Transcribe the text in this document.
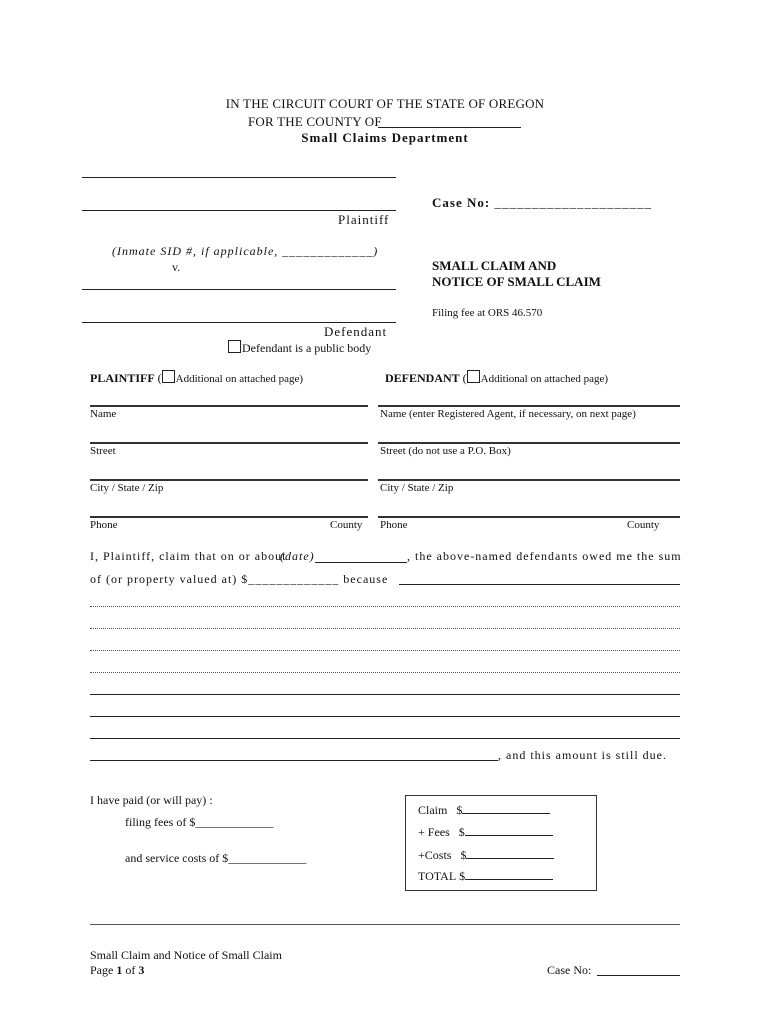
IN THE CIRCUIT COURT OF THE STATE OF OREGON
FOR THE COUNTY OF
Small Claims Department
Plaintiff
(Inmate SID #, if applicable, _____________)
v.
Defendant
Defendant is a public body
Case No: _____________________
SMALL CLAIM AND
NOTICE OF SMALL CLAIM
Filing fee at ORS 46.570
PLAINTIFF ( Additional on attached page)	DEFENDANT ( Additional on attached page)
Name
Street
City / State / Zip
Phone	County
Name (enter Registered Agent, if necessary, on next page)
Street (do not use a P.O. Box)
City / State / Zip
Phone	County
I, Plaintiff, claim that on or about
(date)	, the above-named defendants owed me the sum
of (or property valued at) $_____________ because
, and this amount is still due.
I have paid (or will pay) :
filing fees of $_____________
and service costs of $_____________
Claim $
+ Fees $
+Costs $
TOTAL $
Small Claim and Notice of Small Claim
Page 1 of 3	Case No:
